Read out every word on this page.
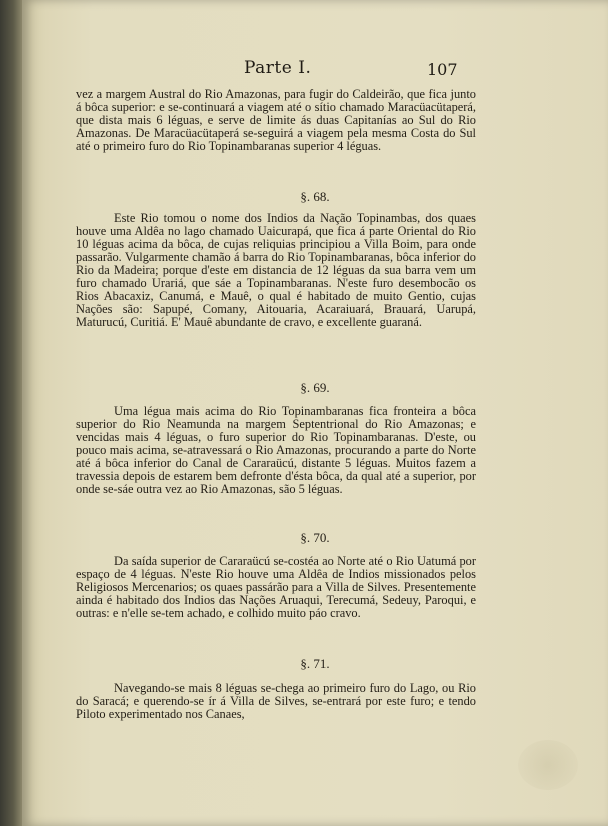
Parte I.	107

vez a margem Austral do Rio Amazonas, para fugir do Caldeirão, que fica junto á bôca superior: e se-continuará a viagem até o sítio chamado Maracüacütaperá, que dista mais 6 léguas, e serve de limite ás duas Capitanías ao Sul do Rio Amazonas. De Maracüacütaperá se-seguirá a viagem pela mesma Costa do Sul até o primeiro furo do Rio Topinambaranas superior 4 léguas.

§. 68.

Este Rio tomou o nome dos Indios da Nação Topinambas, dos quaes houve uma Aldêa no lago chamado Uaicurapá, que fica á parte Oriental do Rio 10 léguas acima da bôca, de cujas reliquias principiou a Villa Boim, para onde passarão. Vulgarmente chamão á barra do Rio Topinambaranas, bôca inferior do Rio da Madeira; porque d'este em distancia de 12 léguas da sua barra vem um furo chamado Urariá, que sáe a Topinambaranas. N'este furo desembocão os Rios Abacaxiz, Canumá, e Mauê, o qual é habitado de muito Gentio, cujas Nações são: Sapupé, Comany, Aitouaria, Acaraiuará, Brauará, Uarupá, Maturucú, Curitiá. E' Mauê abundante de cravo, e excellente guaraná.

§. 69.

Uma légua mais acima do Rio Topinambaranas fica fronteira a bôca superior do Rio Neamunda na margem Septentrional do Rio Amazonas; e vencidas mais 4 léguas, o furo superior do Rio Topinambaranas. D'este, ou pouco mais acima, se-atravessará o Rio Amazonas, procurando a parte do Norte até á bôca inferior do Canal de Cararaücú, distante 5 léguas. Muitos fazem a travessia depois de estarem bem defronte d'ésta bôca, da qual até a superior, por onde se-sáe outra vez ao Rio Amazonas, são 5 léguas.

§. 70.

Da saída superior de Cararaücú se-costéa ao Norte até o Rio Uatumá por espaço de 4 léguas. N'este Rio houve uma Aldêa de Indios missionados pelos Religiosos Mercenarios; os quaes passárão para a Villa de Silves. Presentemente ainda é habitado dos Indios das Nações Aruaqui, Terecumá, Sedeuy, Paroqui, e outras: e n'elle se-tem achado, e colhido muito páo cravo.

§. 71.

Navegando-se mais 8 léguas se-chega ao primeiro furo do Lago, ou Rio do Saracá; e querendo-se ír á Villa de Silves, se-entrará por este furo; e tendo Piloto experimentado nos Canaes,
